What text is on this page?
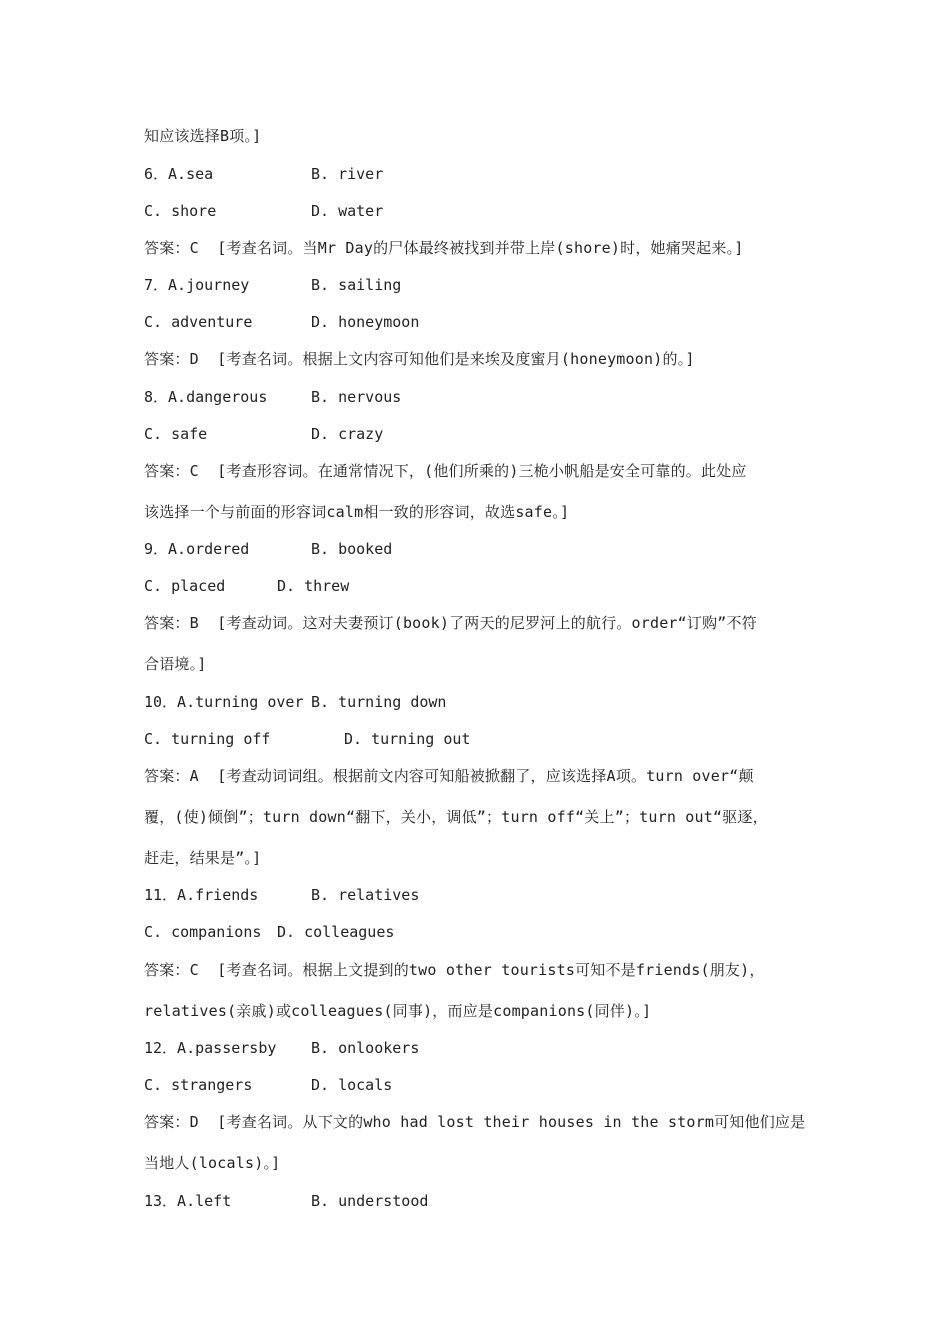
知应该选择B项。]

6．A.sea

	B. river

C. shore

	D. water

答案：C  [考查名词。当Mr Day的尸体最终被找到并带上岸(shore)时，她痛哭起来。]

7．A.journey

	B. sailing

C. adventure

	D. honeymoon

答案：D  [考查名词。根据上文内容可知他们是来埃及度蜜月(honeymoon)的。]

8．A.dangerous

	B. nervous

C. safe

	D. crazy

答案：C  [考查形容词。在通常情况下，(他们所乘的)三桅小帆船是安全可靠的。此处应
该选择一个与前面的形容词calm相一致的形容词，故选safe。]

9．A.ordered

	B. booked

C. placed

	D. threw

答案：B  [考查动词。这对夫妻预订(book)了两天的尼罗河上的航行。order“订购”不符
合语境。]

10．A.turning over

B. turning down

C. turning off

	D. turning out

答案：A  [考查动词词组。根据前文内容可知船被掀翻了，应该选择A项。turn over“颠
覆，(使)倾倒”；turn down“翻下，关小，调低”；turn off“关上”；turn out“驱逐，
赶走，结果是”。]

11．A.friends

	B. relatives

C. companions

D. colleagues

答案：C  [考查名词。根据上文提到的two other tourists可知不是friends(朋友)，
relatives(亲戚)或colleagues(同事)，而应是companions(同伴)。]

12．A.passersby

B. onlookers

C. strangers

	D. locals

答案：D  [考查名词。从下文的who had lost their houses in the storm可知他们应是
当地人(locals)。]

13．A.left

	B. understood
